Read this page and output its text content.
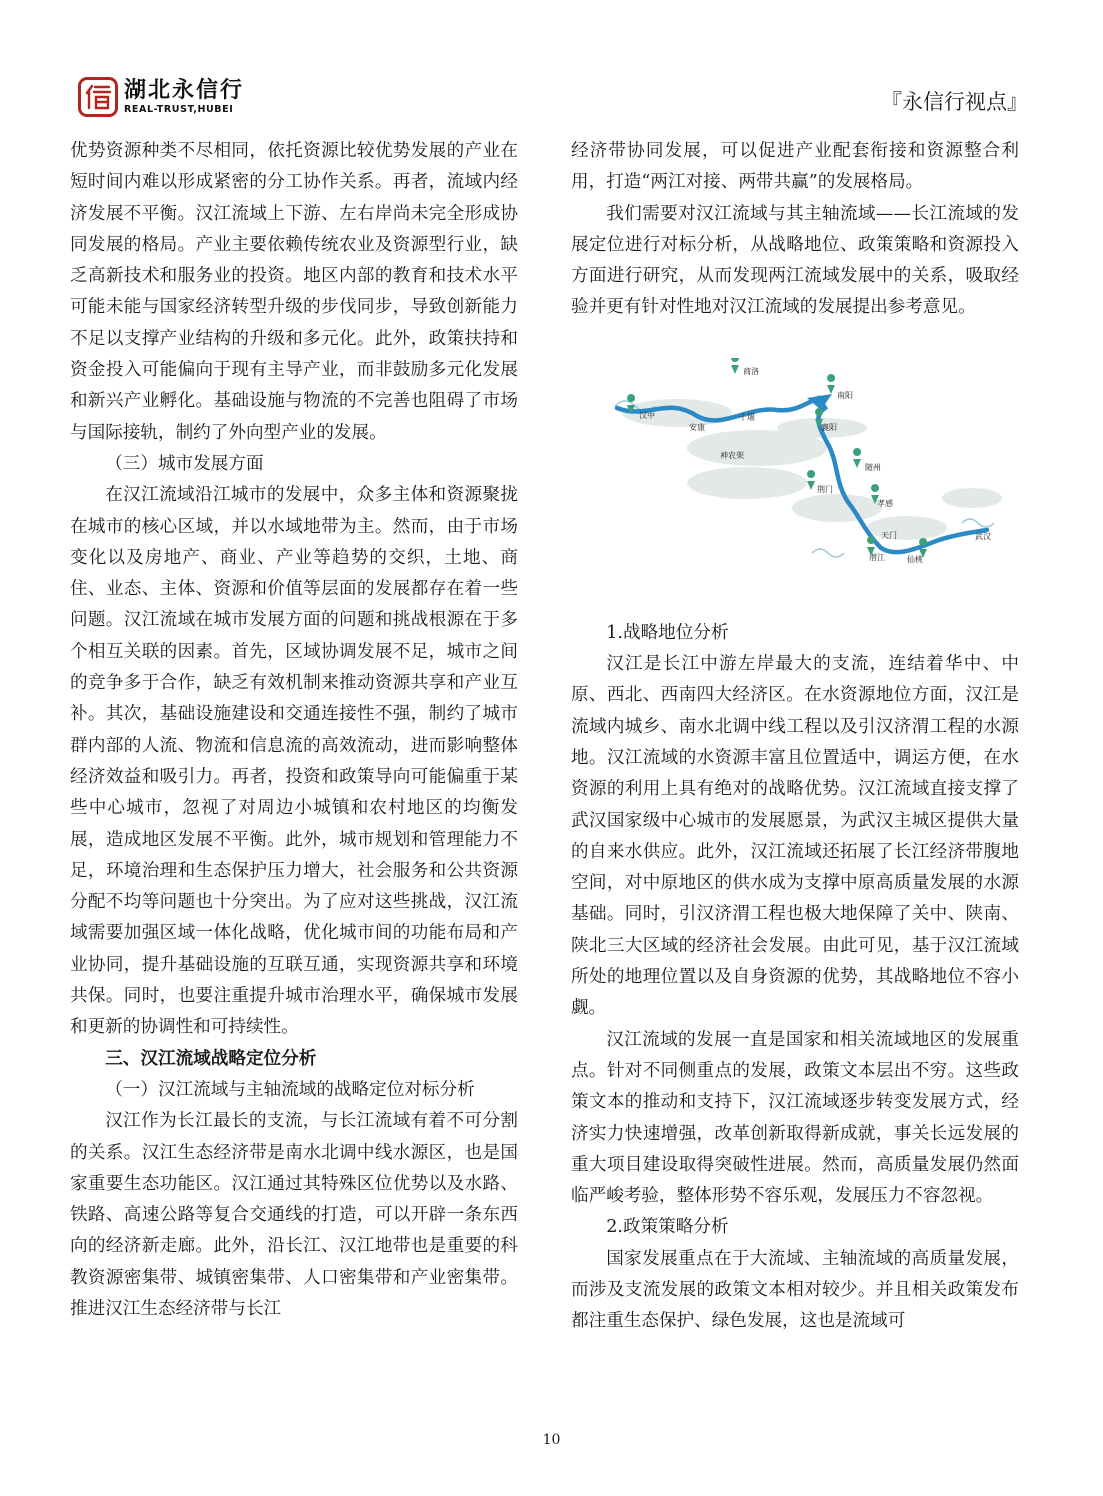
湖北永信行
REAL-TRUST,HUBEI	『永信行视点』

优势资源种类不尽相同，依托资源比较优势发展的产业在短时间内难以形成紧密的分工协作关系。再者，流域内经济发展不平衡。汉江流域上下游、左右岸尚未完全形成协同发展的格局。产业主要依赖传统农业及资源型行业，缺乏高新技术和服务业的投资。地区内部的教育和技术水平可能未能与国家经济转型升级的步伐同步，导致创新能力不足以支撑产业结构的升级和多元化。此外，政策扶持和资金投入可能偏向于现有主导产业，而非鼓励多元化发展和新兴产业孵化。基础设施与物流的不完善也阻碍了市场与国际接轨，制约了外向型产业的发展。

（三）城市发展方面

在汉江流域沿江城市的发展中，众多主体和资源聚拢在城市的核心区域，并以水域地带为主。然而，由于市场变化以及房地产、商业、产业等趋势的交织，土地、商住、业态、主体、资源和价值等层面的发展都存在着一些问题。汉江流域在城市发展方面的问题和挑战根源在于多个相互关联的因素。首先，区域协调发展不足，城市之间的竞争多于合作，缺乏有效机制来推动资源共享和产业互补。其次，基础设施建设和交通连接性不强，制约了城市群内部的人流、物流和信息流的高效流动，进而影响整体经济效益和吸引力。再者，投资和政策导向可能偏重于某些中心城市，忽视了对周边小城镇和农村地区的均衡发展，造成地区发展不平衡。此外，城市规划和管理能力不足，环境治理和生态保护压力增大，社会服务和公共资源分配不均等问题也十分突出。为了应对这些挑战，汉江流域需要加强区域一体化战略，优化城市间的功能布局和产业协同，提升基础设施的互联互通，实现资源共享和环境共保。同时，也要注重提升城市治理水平，确保城市发展和更新的协调性和可持续性。

三、汉江流域战略定位分析

（一）汉江流域与主轴流域的战略定位对标分析

汉江作为长江最长的支流，与长江流域有着不可分割的关系。汉江生态经济带是南水北调中线水源区，也是国家重要生态功能区。汉江通过其特殊区位优势以及水路、铁路、高速公路等复合交通线的打造，可以开辟一条东西向的经济新走廊。此外，沿长江、汉江地带也是重要的科教资源密集带、城镇密集带、人口密集带和产业密集带。推进汉江生态经济带与长江

经济带协同发展，可以促进产业配套衔接和资源整合利用，打造“两江对接、两带共赢”的发展格局。

我们需要对汉江流域与其主轴流域——长江流域的发展定位进行对标分析，从战略地位、政策策略和资源投入方面进行研究，从而发现两江流域发展中的关系，吸取经验并更有针对性地对汉江流域的发展提出参考意见。

商洛
南阳
汉中
安康
十堰
襄阳
神农架
随州
荆门
孝感
天门
潜江	仙桃
武汉

1.战略地位分析

汉江是长江中游左岸最大的支流，连结着华中、中原、西北、西南四大经济区。在水资源地位方面，汉江是流域内城乡、南水北调中线工程以及引汉济渭工程的水源地。汉江流域的水资源丰富且位置适中，调运方便，在水资源的利用上具有绝对的战略优势。汉江流域直接支撑了武汉国家级中心城市的发展愿景，为武汉主城区提供大量的自来水供应。此外，汉江流域还拓展了长江经济带腹地空间，对中原地区的供水成为支撑中原高质量发展的水源基础。同时，引汉济渭工程也极大地保障了关中、陕南、陕北三大区域的经济社会发展。由此可见，基于汉江流域所处的地理位置以及自身资源的优势，其战略地位不容小觑。

汉江流域的发展一直是国家和相关流域地区的发展重点。针对不同侧重点的发展，政策文本层出不穷。这些政策文本的推动和支持下，汉江流域逐步转变发展方式，经济实力快速增强，改革创新取得新成就，事关长远发展的重大项目建设取得突破性进展。然而，高质量发展仍然面临严峻考验，整体形势不容乐观，发展压力不容忽视。

2.政策策略分析

国家发展重点在于大流域、主轴流域的高质量发展，而涉及支流发展的政策文本相对较少。并且相关政策发布都注重生态保护、绿色发展，这也是流域可

10
